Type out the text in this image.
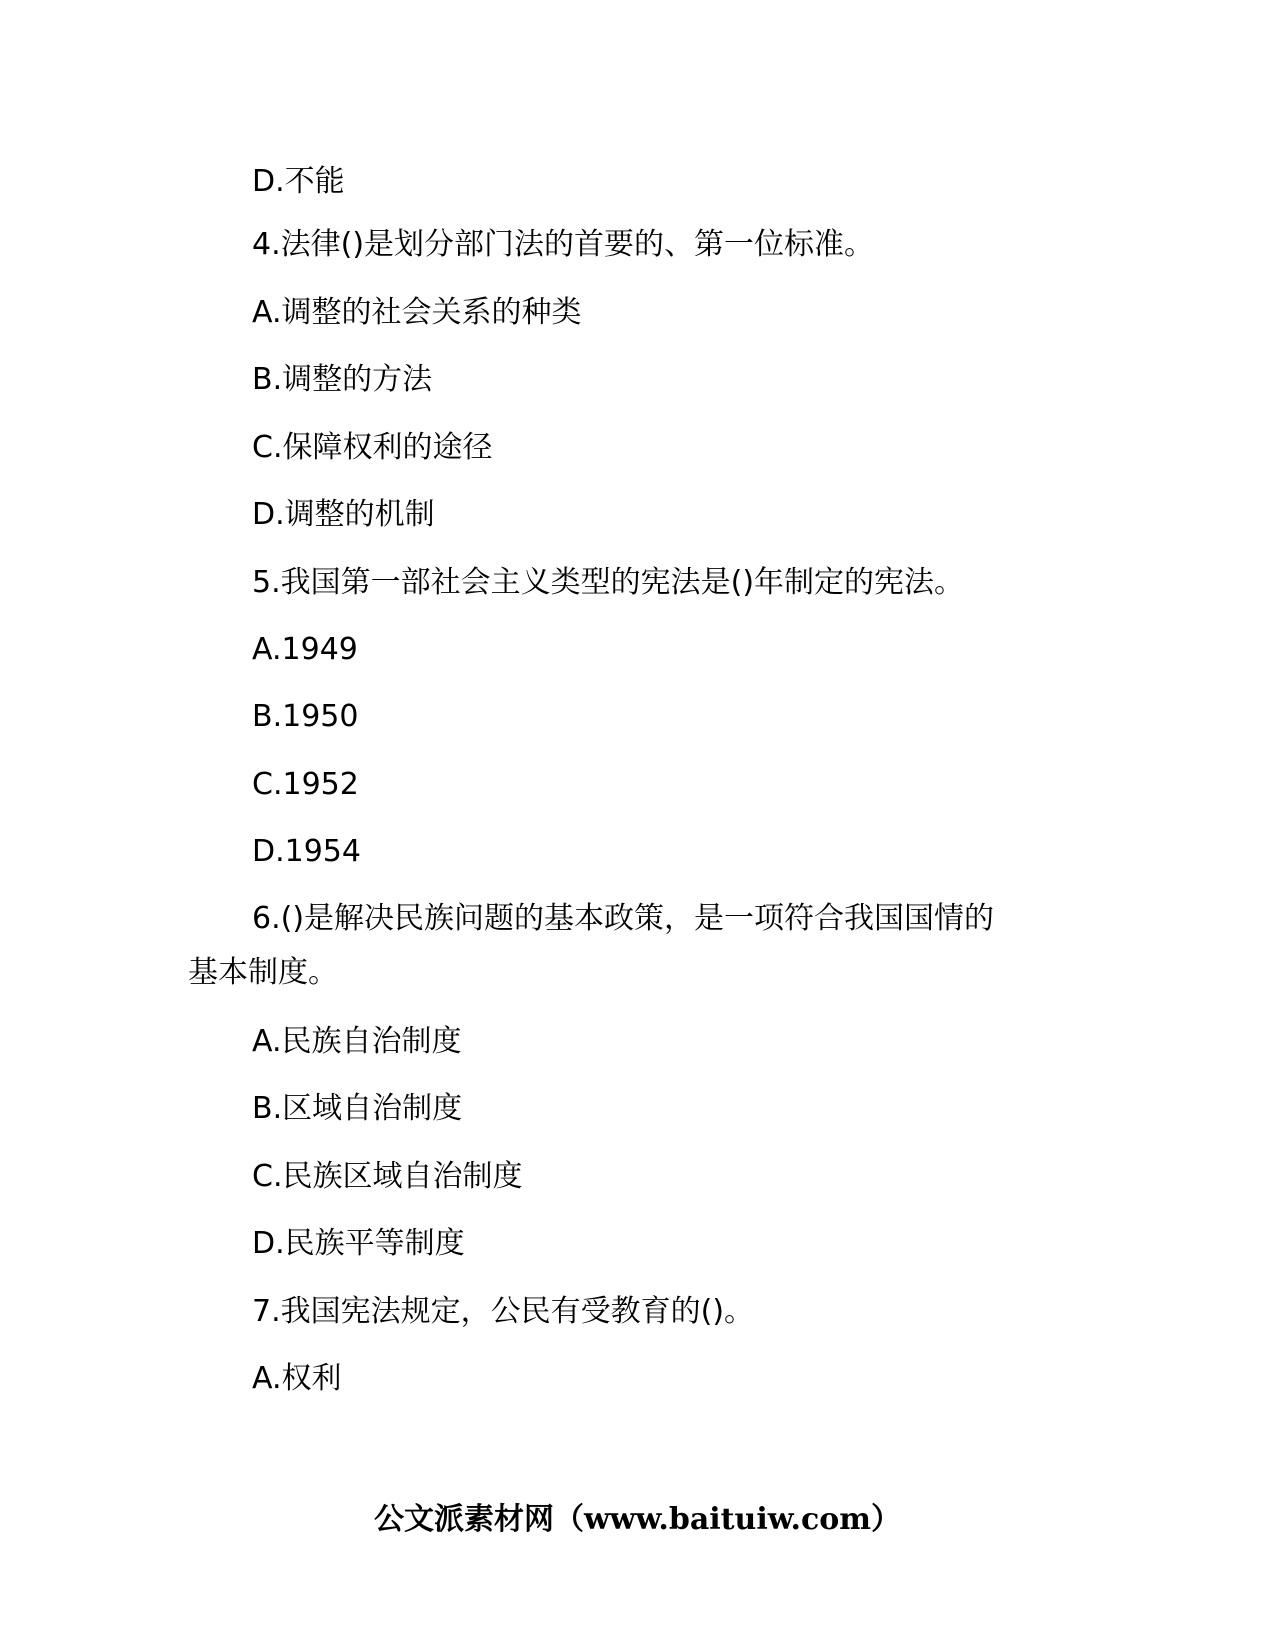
D.不能
4.法律()是划分部门法的首要的、第一位标准。
A.调整的社会关系的种类
B.调整的方法
C.保障权利的途径
D.调整的机制
5.我国第一部社会主义类型的宪法是()年制定的宪法。
A.1949
B.1950
C.1952
D.1954
6.()是解决民族问题的基本政策，是一项符合我国国情的
基本制度。
A.民族自治制度
B.区域自治制度
C.民族区域自治制度
D.民族平等制度
7.我国宪法规定，公民有受教育的()。
A.权利
公文派素材网（www.baituiw.com）
